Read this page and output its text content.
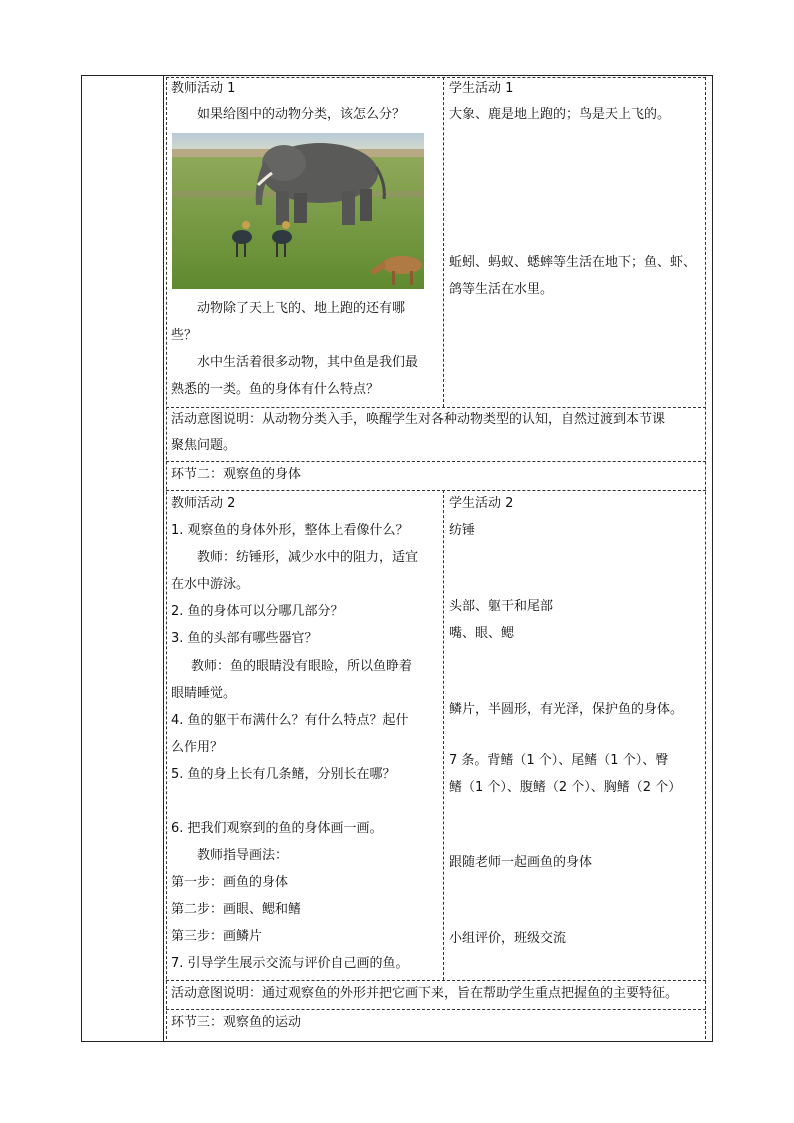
教师活动 1
如果给图中的动物分类，该怎么分？
动物除了天上飞的、地上跑的还有哪
些？
水中生活着很多动物，其中鱼是我们最
熟悉的一类。鱼的身体有什么特点？
学生活动 1
大象、鹿是地上跑的；鸟是天上飞的。
蚯蚓、蚂蚁、蟋蟀等生活在地下；鱼、虾、
鸽等生活在水里。
活动意图说明：从动物分类入手，唤醒学生对各种动物类型的认知，自然过渡到本节课
聚焦问题。
环节二：观察鱼的身体
教师活动 2
1. 观察鱼的身体外形，整体上看像什么？
教师：纺锤形，减少水中的阻力，适宜
在水中游泳。
2. 鱼的身体可以分哪几部分？
3. 鱼的头部有哪些器官？
教师：鱼的眼睛没有眼睑，所以鱼睁着
眼睛睡觉。
4. 鱼的躯干布满什么？有什么特点？起什
么作用？
5. 鱼的身上长有几条鳍，分别长在哪？
6. 把我们观察到的鱼的身体画一画。
教师指导画法：
第一步：画鱼的身体
第二步：画眼、鳃和鳍
第三步：画鳞片
7. 引导学生展示交流与评价自己画的鱼。
学生活动 2
纺锤
头部、躯干和尾部
嘴、眼、鳃
鳞片，半圆形，有光泽，保护鱼的身体。
7 条。背鳍（1 个）、尾鳍（1 个）、臀
鳍（1 个）、腹鳍（2 个）、胸鳍（2 个）
跟随老师一起画鱼的身体
小组评价，班级交流
活动意图说明：通过观察鱼的外形并把它画下来，旨在帮助学生重点把握鱼的主要特征。
环节三：观察鱼的运动
